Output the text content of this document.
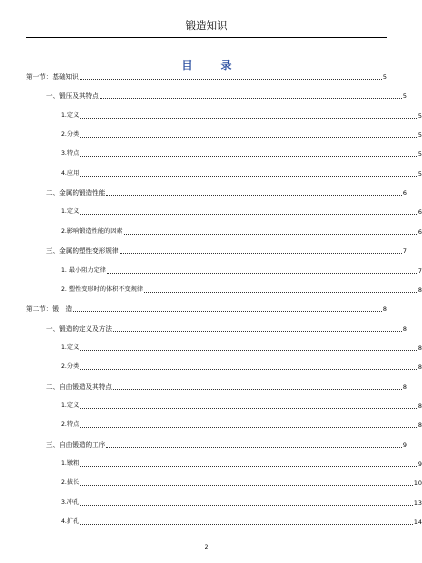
锻造知识
目	录
第一节：基础知识	5
一、锻压及其特点	5
1.定义	5
2.分类	5
3.特点	5
4.应用	5
二、金属的锻造性能	6
1.定义	6
2.影响锻造性能的因素	6
三、金属的塑性变形规律	7
1. 最小阻力定律	7
2. 塑性变形时的体积不变规律	8
第二节：锻　造	8
一、锻造的定义及方法	8
1.定义	8
2.分类	8
二、自由锻造及其特点	8
1.定义	8
2.特点	8
三、自由锻造的工序	9
1.镦粗	9
2.拔长	10
3.冲孔	13
4.扩孔	14
2
